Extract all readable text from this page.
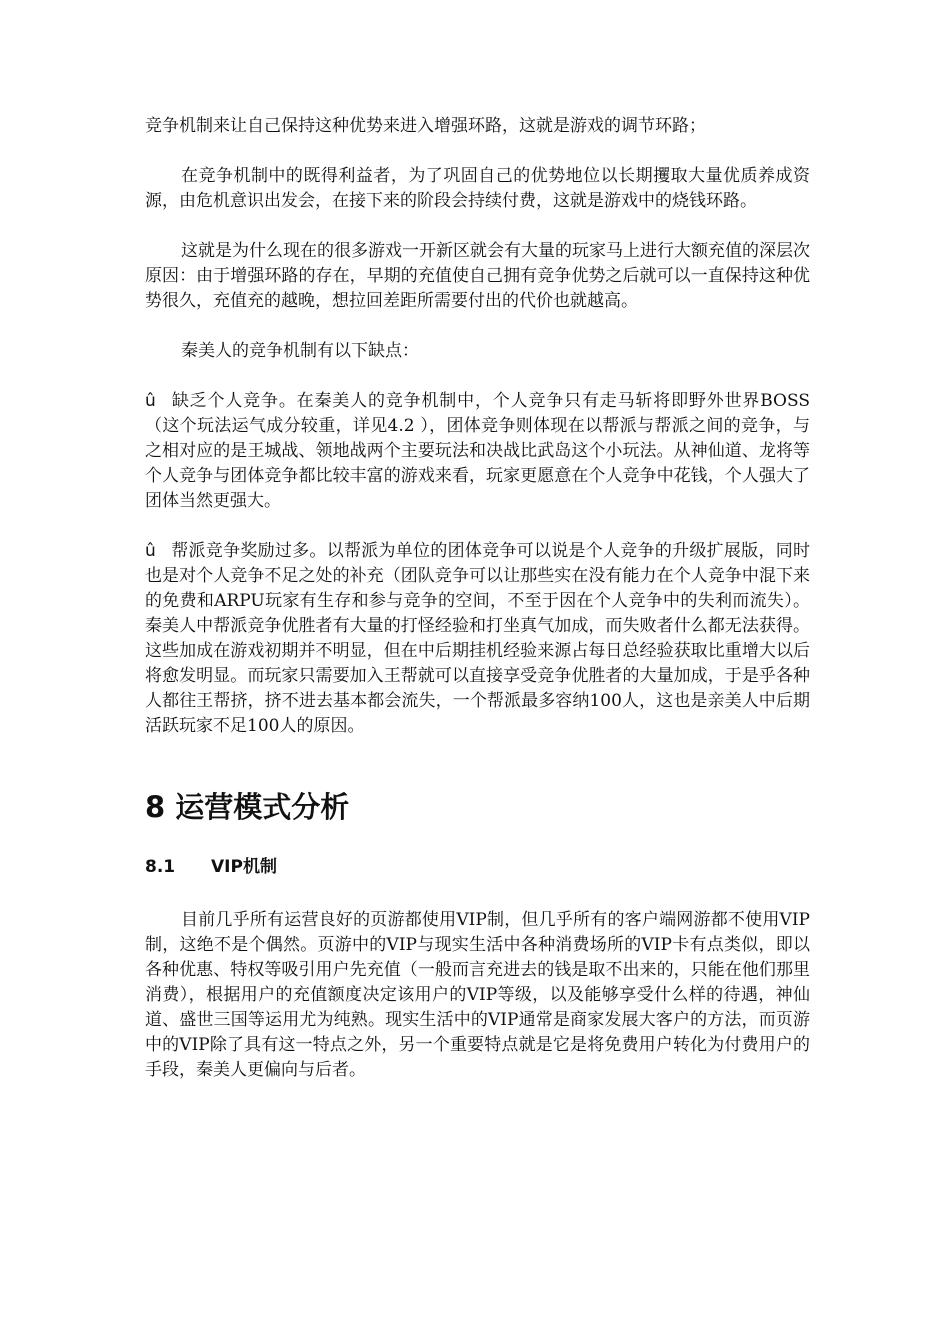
竞争机制来让自己保持这种优势来进入增强环路，这就是游戏的调节环路；

在竞争机制中的既得利益者，为了巩固自己的优势地位以长期攫取大量优质养成资源，由危机意识出发会，在接下来的阶段会持续付费，这就是游戏中的烧钱环路。

这就是为什么现在的很多游戏一开新区就会有大量的玩家马上进行大额充值的深层次原因：由于增强环路的存在，早期的充值使自己拥有竞争优势之后就可以一直保持这种优势很久，充值充的越晚，想拉回差距所需要付出的代价也就越高。

秦美人的竞争机制有以下缺点：

û 缺乏个人竞争。在秦美人的竞争机制中，个人竞争只有走马斩将即野外世界BOSS（这个玩法运气成分较重，详见4.2 ），团体竞争则体现在以帮派与帮派之间的竞争，与之相对应的是王城战、领地战两个主要玩法和决战比武岛这个小玩法。从神仙道、龙将等个人竞争与团体竞争都比较丰富的游戏来看，玩家更愿意在个人竞争中花钱，个人强大了团体当然更强大。

û 帮派竞争奖励过多。以帮派为单位的团体竞争可以说是个人竞争的升级扩展版，同时也是对个人竞争不足之处的补充（团队竞争可以让那些实在没有能力在个人竞争中混下来的免费和ARPU玩家有生存和参与竞争的空间，不至于因在个人竞争中的失利而流失）。秦美人中帮派竞争优胜者有大量的打怪经验和打坐真气加成，而失败者什么都无法获得。这些加成在游戏初期并不明显，但在中后期挂机经验来源占每日总经验获取比重增大以后将愈发明显。而玩家只需要加入王帮就可以直接享受竞争优胜者的大量加成，于是乎各种人都往王帮挤，挤不进去基本都会流失，一个帮派最多容纳100人，这也是亲美人中后期活跃玩家不足100人的原因。

8 运营模式分析
8.1 VIP机制

目前几乎所有运营良好的页游都使用VIP制，但几乎所有的客户端网游都不使用VIP制，这绝不是个偶然。页游中的VIP与现实生活中各种消费场所的VIP卡有点类似，即以各种优惠、特权等吸引用户先充值（一般而言充进去的钱是取不出来的，只能在他们那里消费），根据用户的充值额度决定该用户的VIP等级，以及能够享受什么样的待遇，神仙道、盛世三国等运用尤为纯熟。现实生活中的VIP通常是商家发展大客户的方法，而页游中的VIP除了具有这一特点之外，另一个重要特点就是它是将免费用户转化为付费用户的手段，秦美人更偏向与后者。
